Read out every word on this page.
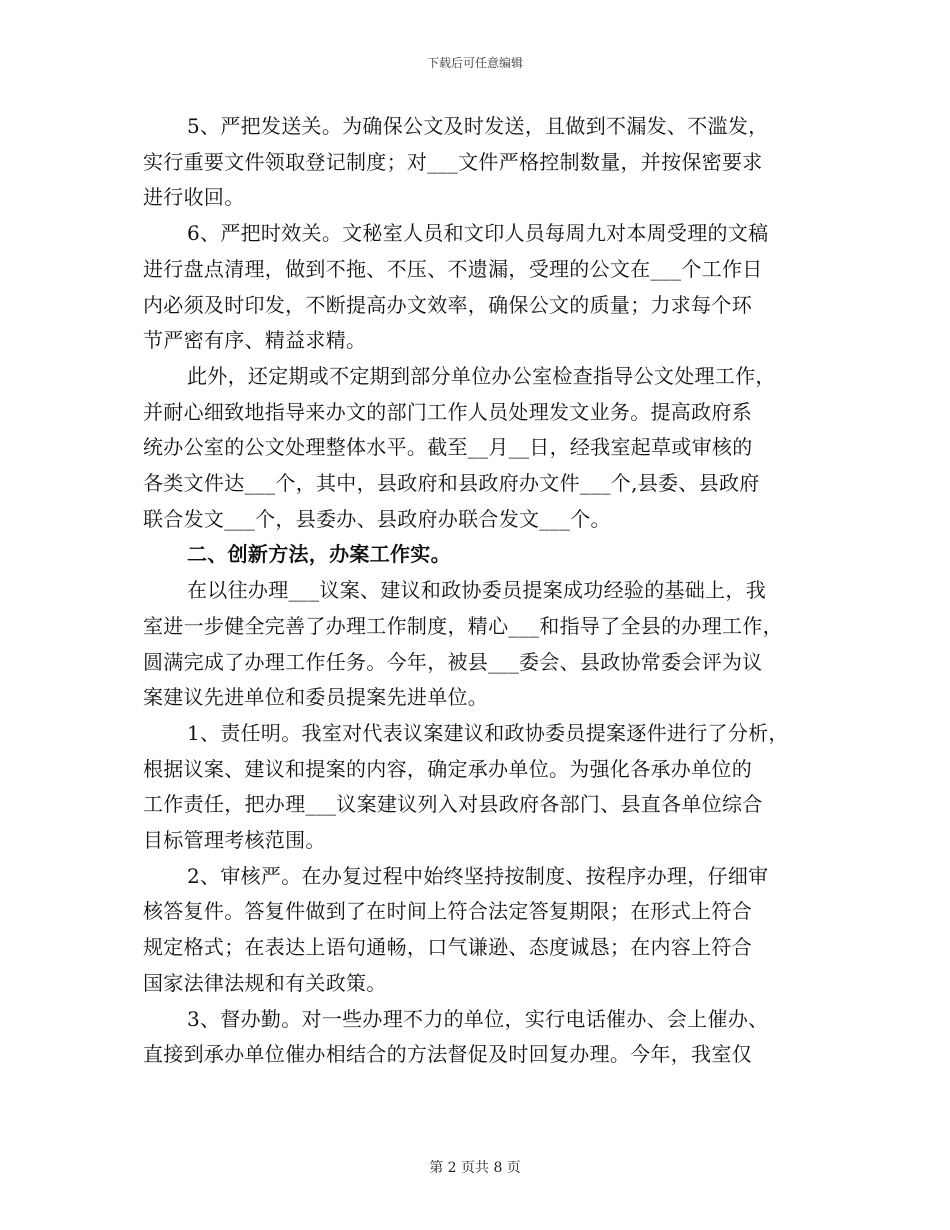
下载后可任意编辑
5、严把发送关。为确保公文及时发送，且做到不漏发、不滥发，
实行重要文件领取登记制度；对___文件严格控制数量，并按保密要求
进行收回。
6、严把时效关。文秘室人员和文印人员每周九对本周受理的文稿
进行盘点清理，做到不拖、不压、不遗漏，受理的公文在___个工作日
内必须及时印发，不断提高办文效率，确保公文的质量；力求每个环
节严密有序、精益求精。
此外，还定期或不定期到部分单位办公室检查指导公文处理工作，
并耐心细致地指导来办文的部门工作人员处理发文业务。提高政府系
统办公室的公文处理整体水平。截至__月__日，经我室起草或审核的
各类文件达___个，其中，县政府和县政府办文件___个,县委、县政府
联合发文___个，县委办、县政府办联合发文___个。
二、创新方法，办案工作实。
在以往办理___议案、建议和政协委员提案成功经验的基础上，我
室进一步健全完善了办理工作制度，精心___和指导了全县的办理工作，
圆满完成了办理工作任务。今年，被县___委会、县政协常委会评为议
案建议先进单位和委员提案先进单位。
1、责任明。我室对代表议案建议和政协委员提案逐件进行了分析，
根据议案、建议和提案的内容，确定承办单位。为强化各承办单位的
工作责任，把办理___议案建议列入对县政府各部门、县直各单位综合
目标管理考核范围。
2、审核严。在办复过程中始终坚持按制度、按程序办理，仔细审
核答复件。答复件做到了在时间上符合法定答复期限；在形式上符合
规定格式；在表达上语句通畅，口气谦逊、态度诚恳；在内容上符合
国家法律法规和有关政策。
3、督办勤。对一些办理不力的单位，实行电话催办、会上催办、
直接到承办单位催办相结合的方法督促及时回复办理。今年，我室仅
第 2 页共 8 页
